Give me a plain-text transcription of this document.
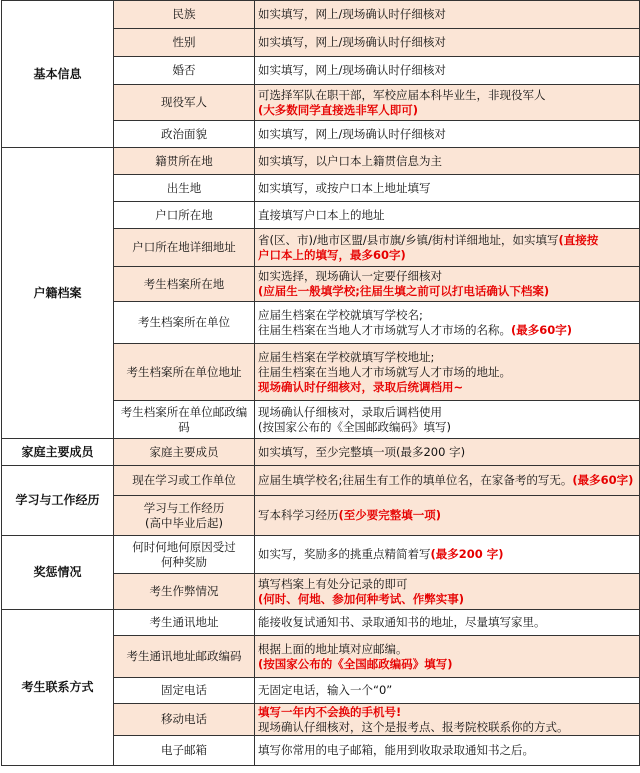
基本信息	民族	如实填写，网上/现场确认时仔细核对

	性别	如实填写，网上/现场确认时仔细核对

	婚否	如实填写，网上/现场确认时仔细核对

	现役军人	可选择军队在职干部，军校应届本科毕业生，非现役军人
(大多数同学直接选非军人即可)

	政治面貌	如实填写，网上/现场确认时仔细核对

户籍档案	籍贯所在地	如实填写，以户口本上籍贯信息为主

	出生地	如实填写，或按户口本上地址填写

	户口所在地	直接填写户口本上的地址

	户口所在地详细地址	省(区、市)/地市区盟/县市旗/乡镇/街村详细地址，如实填写(直接按
户口本上的填写，最多60字)

	考生档案所在地	如实选择，现场确认一定要仔细核对
(应届生一般填学校;往届生填之前可以打电话确认下档案)

	考生档案所在单位	应届生档案在学校就填写学校名;
往届生档案在当地人才市场就写人才市场的名称。(最多60字)

	考生档案所在单位地址	应届生档案在学校就填写学校地址;
往届生档案在当地人才市场就写人才市场的地址。
现场确认时仔细核对，录取后统调档用~

	考生档案所在单位邮政编码	现场确认仔细核对，录取后调档使用
(按国家公布的《全国邮政编码》填写)

家庭主要成员	家庭主要成员	如实填写，至少完整填一项(最多200 字)

学习与工作经历	现在学习或工作单位	应届生填学校名;往届生有工作的填单位名，在家备考的写无。(最多60字)

	学习与工作经历
(高中毕业后起)	写本科学习经历(至少要完整填一项)

奖惩情况	何时何地何原因受过
何种奖励	如实写，奖励多的挑重点精简着写(最多200 字)

	考生作弊情况	填写档案上有处分记录的即可
(何时、何地、参加何种考试、作弊实事)

考生联系方式	考生通讯地址	能接收复试通知书、录取通知书的地址，尽量填写家里。

	考生通讯地址邮政编码	根据上面的地址填对应邮编。
(按国家公布的《全国邮政编码》填写)

	固定电话	无固定电话，输入一个“0”

	移动电话	填写一年内不会换的手机号!
现场确认仔细核对，这个是报考点、报考院校联系你的方式。

	电子邮箱	填写你常用的电子邮箱，能用到收取录取通知书之后。
